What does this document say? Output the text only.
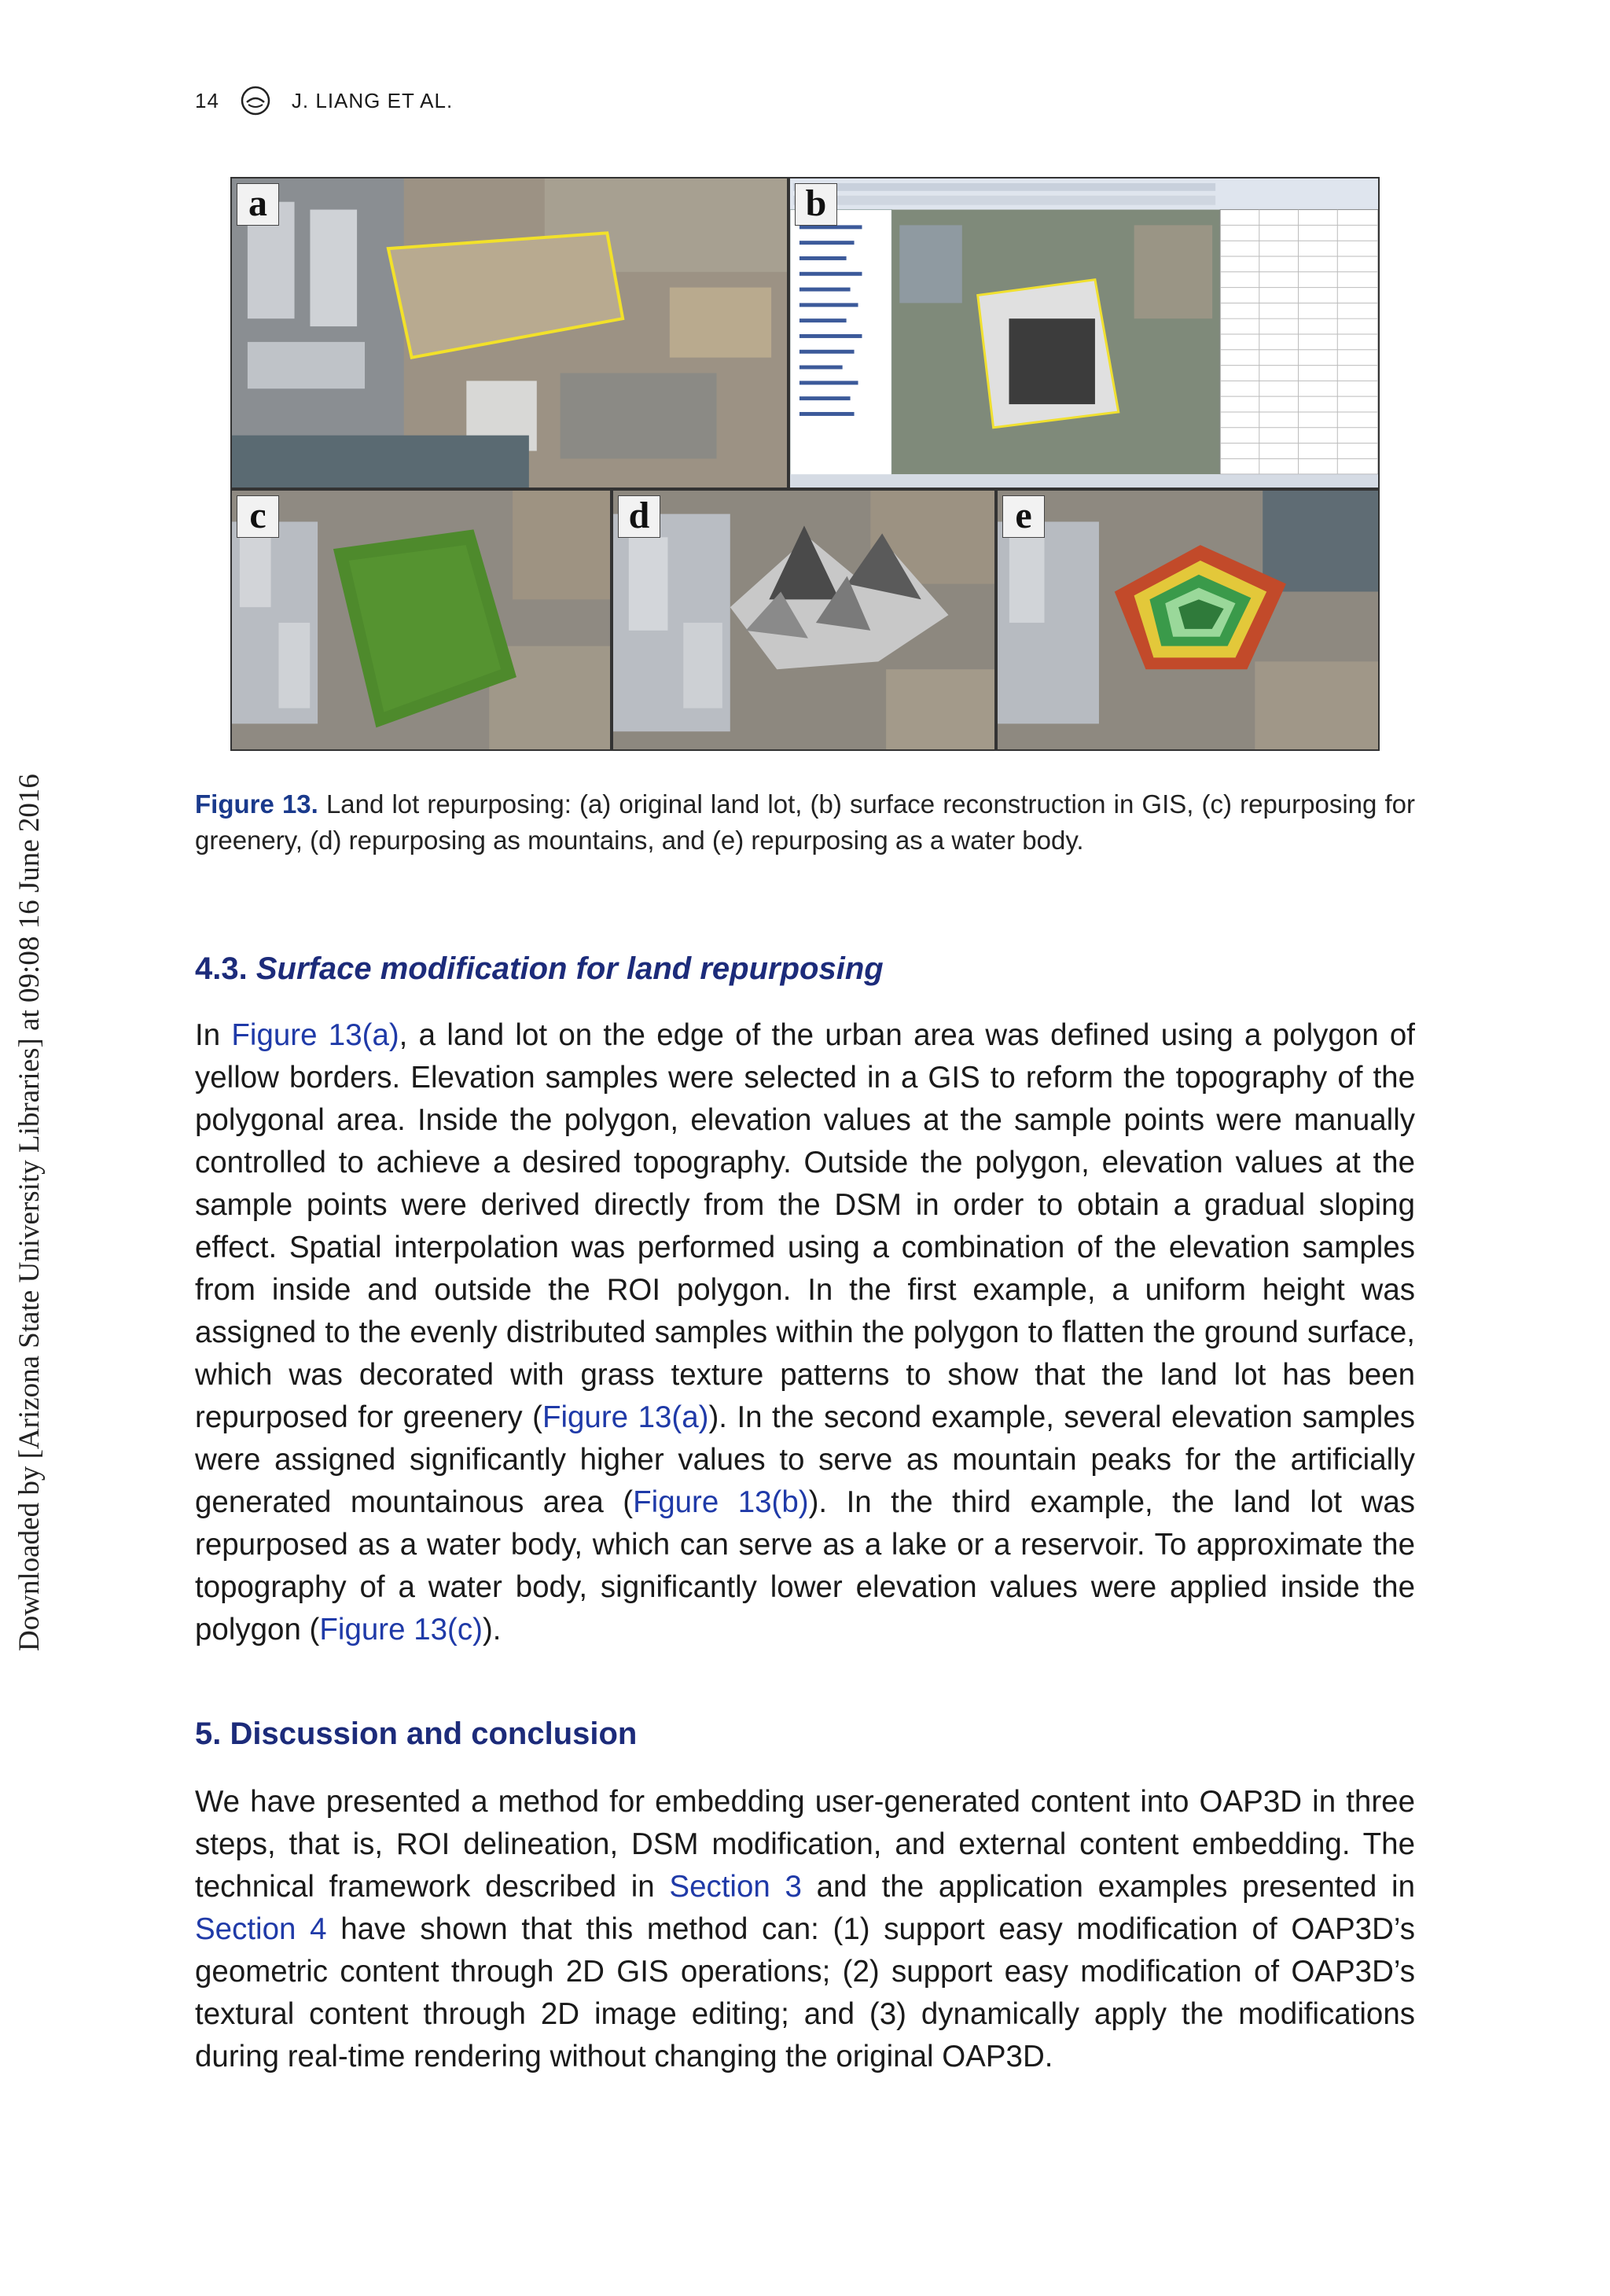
14	J. LIANG ET AL.
Downloaded by [Arizona State University Libraries] at 09:08 16 June 2016
a	b
c	d	e
Figure 13. Land lot repurposing: (a) original land lot, (b) surface reconstruction in GIS, (c) repurposing for greenery, (d) repurposing as mountains, and (e) repurposing as a water body.
4.3. Surface modification for land repurposing

In Figure 13(a), a land lot on the edge of the urban area was defined using a polygon of yellow borders. Elevation samples were selected in a GIS to reform the topography of the polygonal area. Inside the polygon, elevation values at the sample points were manually controlled to achieve a desired topography. Outside the polygon, elevation values at the sample points were derived directly from the DSM in order to obtain a gradual sloping effect. Spatial interpolation was performed using a combination of the elevation samples from inside and outside the ROI polygon. In the first example, a uniform height was assigned to the evenly distributed samples within the polygon to flatten the ground surface, which was decorated with grass texture patterns to show that the land lot has been repurposed for greenery (Figure 13(a)). In the second example, several elevation samples were assigned significantly higher values to serve as mountain peaks for the artificially generated mountainous area (Figure 13(b)). In the third example, the land lot was repurposed as a water body, which can serve as a lake or a reservoir. To approximate the topography of a water body, significantly lower elevation values were applied inside the polygon (Figure 13(c)).

5. Discussion and conclusion

We have presented a method for embedding user-generated content into OAP3D in three steps, that is, ROI delineation, DSM modification, and external content embedding. The technical framework described in Section 3 and the application examples presented in Section 4 have shown that this method can: (1) support easy modification of OAP3D’s geometric content through 2D GIS operations; (2) support easy modification of OAP3D’s textural content through 2D image editing; and (3) dynamically apply the modifications during real-time rendering without changing the original OAP3D.
